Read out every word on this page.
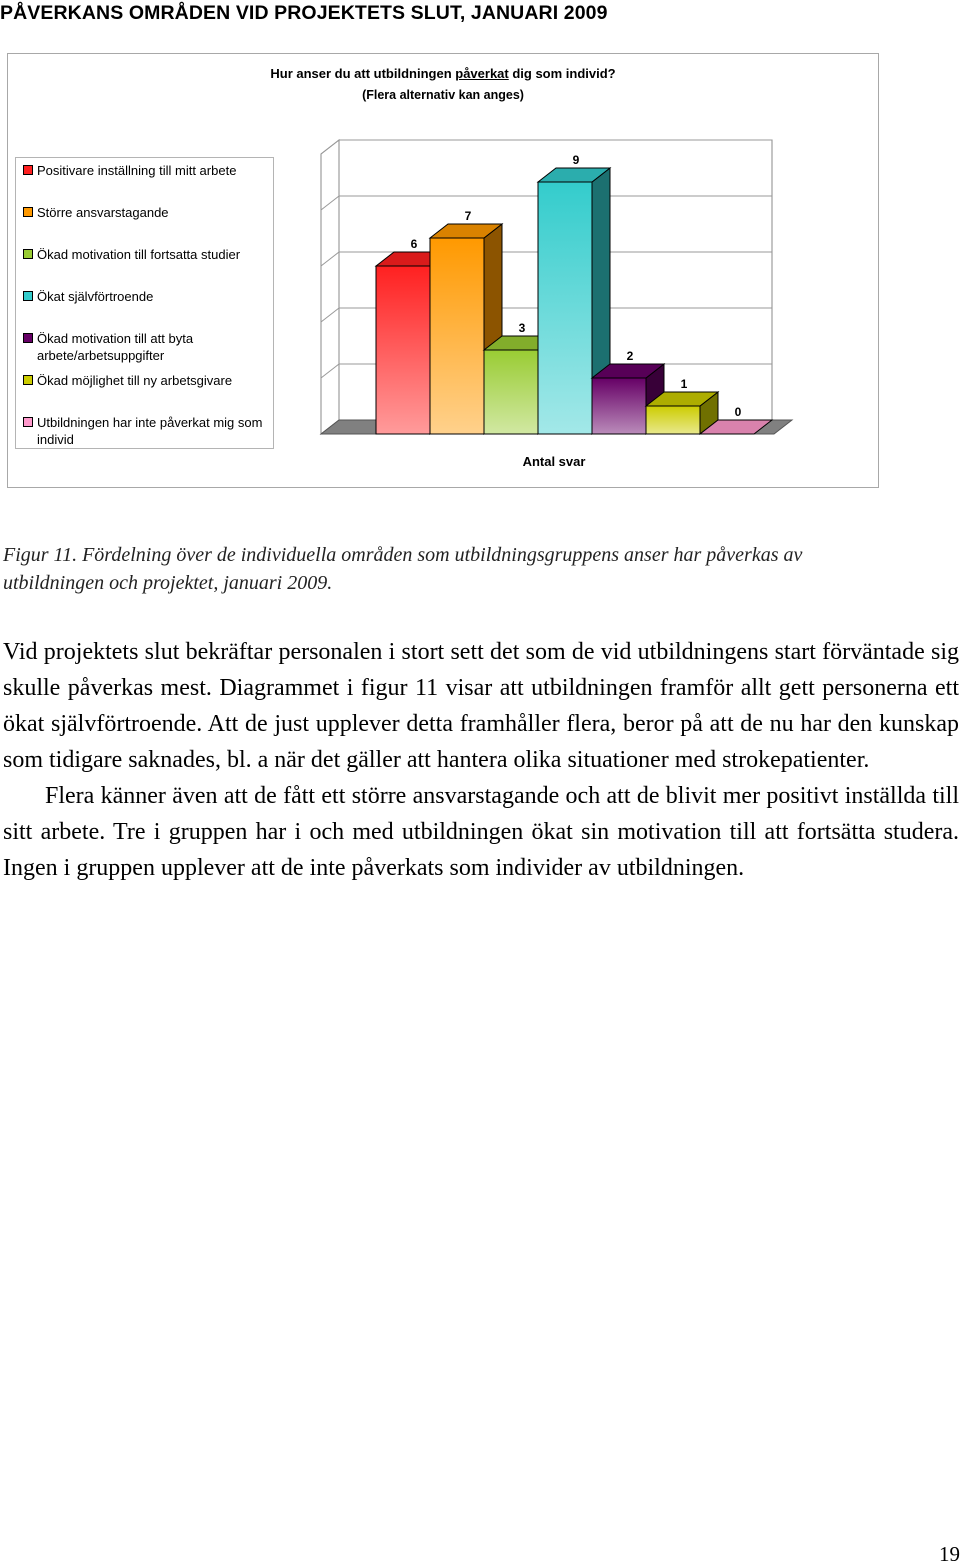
PÅVERKANS OMRÅDEN VID PROJEKTETS SLUT, JANUARI 2009
Hur anser du att utbildningen påverkat dig som individ?
(Flera alternativ kan anges)
Positivare inställning till mitt arbete
Större ansvarstagande
Ökad motivation till fortsatta studier
Ökat självförtroende
Ökad motivation till att byta arbete/arbetsuppgifter
Ökad möjlighet till ny arbetsgivare
Utbildningen har inte påverkat mig som individ
6
7
3
9
2
1
0
Antal svar
Figur 11. Fördelning över de individuella områden som utbildningsgruppens anser har påverkas av utbildningen och projektet, januari 2009.

Vid projektets slut bekräftar personalen i stort sett det som de vid utbildningens start förväntade sig skulle påverkas mest. Diagrammet i figur 11 visar att utbildningen framför allt gett personerna ett ökat självförtroende. Att de just upplever detta framhåller flera, beror på att de nu har den kunskap som tidigare saknades, bl. a när det gäller att hantera olika situationer med strokepatienter.

Flera känner även att de fått ett större ansvarstagande och att de blivit mer positivt inställda till sitt arbete. Tre i gruppen har i och med utbildningen ökat sin motivation till att fortsätta studera. Ingen i gruppen upplever att de inte påverkats som individer av utbildningen.

19
